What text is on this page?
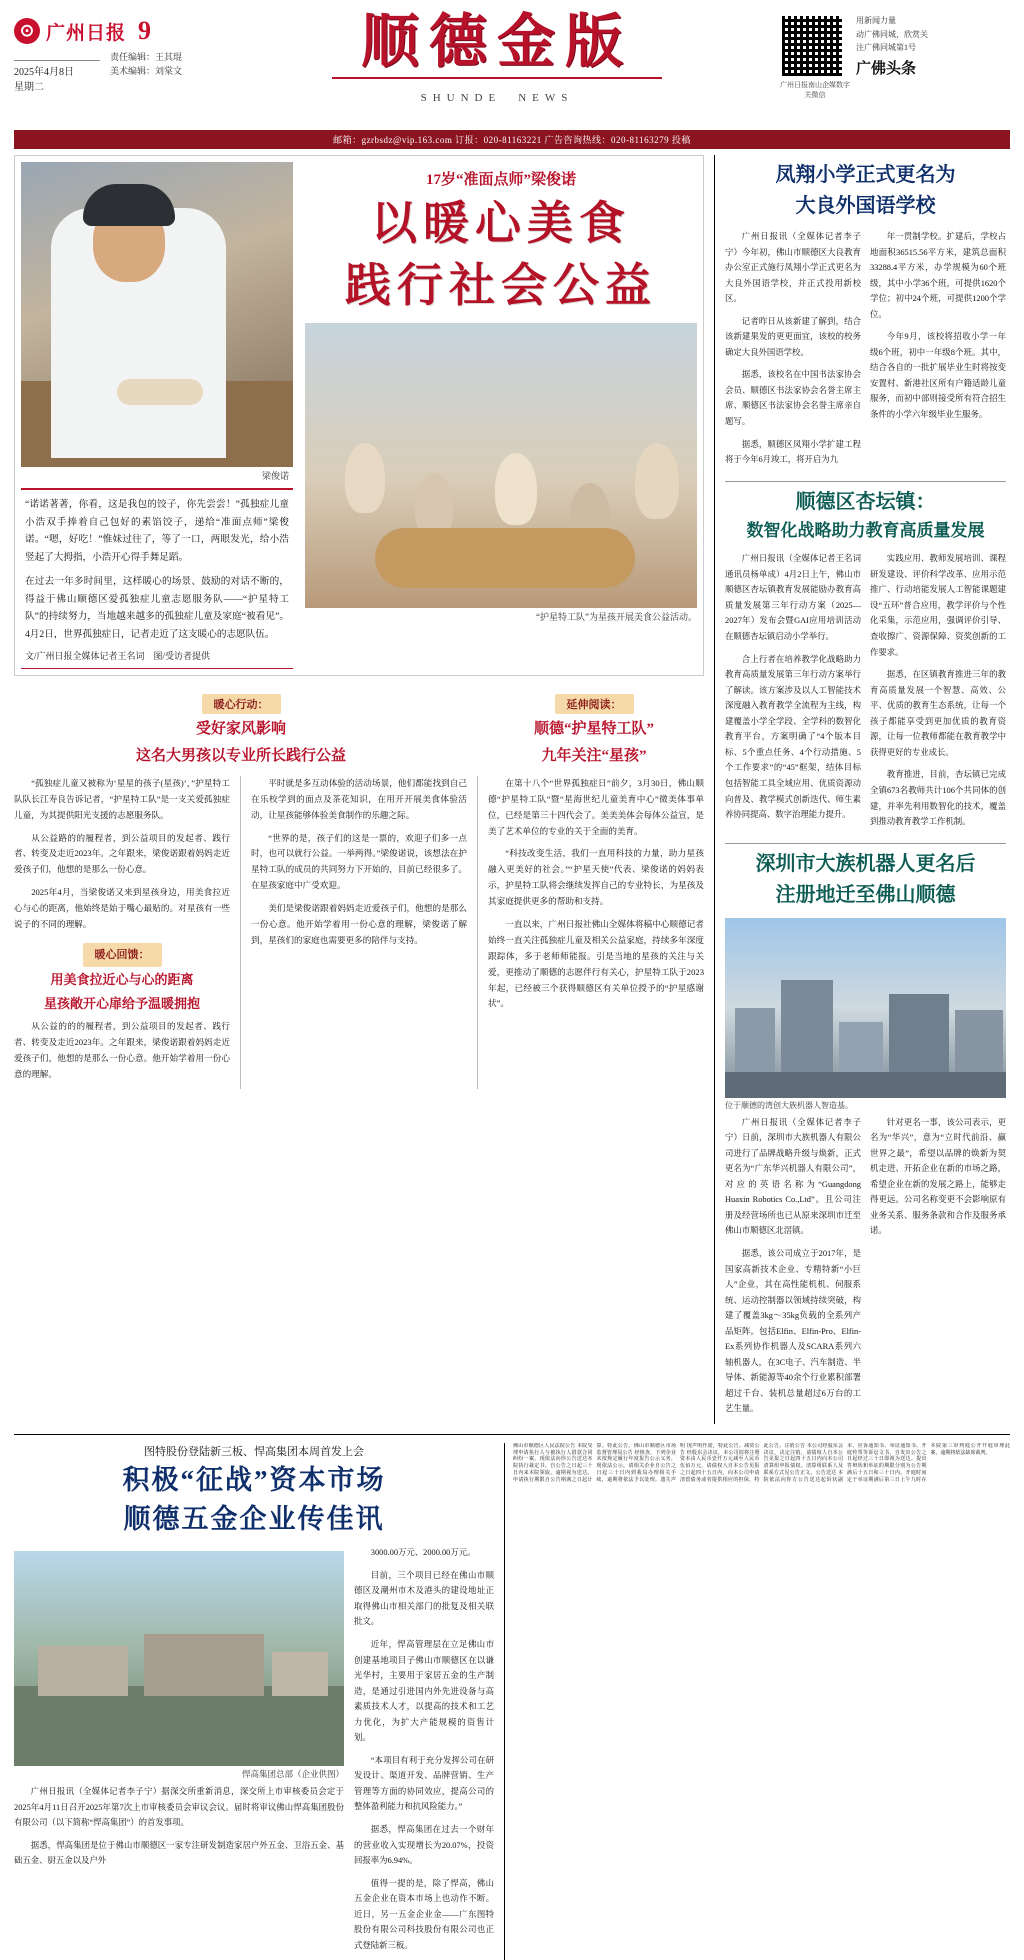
⊙ 广州日报 9
2025年4月8日
星期二
责任编辑：王其琨
美术编辑：刘棠文	顺德金版
SHUNDE　NEWS
广州日报南山企媒数字关微信
用新闻力量
动广佛同城，欣赏关
注广佛同城第1号
广佛头条
邮箱：gzrbsdz@vip.163.com 订报：020-81163221 广告咨询热线：020-81163279 投稿
梁俊诺
“诺诺著著，你看，这是我包的饺子，你先尝尝！”孤独症儿童小浩双手捧着自己包好的素馅饺子，递给“准面点师”梁俊诺。“嗯，好吃！”惟妹过往了，等了一口，两眼发光，给小浩竖起了大拇指，小浩开心得手舞足蹈。
在过去一年多时间里，这样暖心的场景、鼓励的对话不断的，得益于佛山顺德区爱孤独症儿童志愿服务队——“护星特工队”的持续努力，当地越来越多的孤独症儿童及家庭“被看见”。4月2日，世界孤独症日，记者走近了这支暖心的志愿队伍。
文/广州日报全媒体记者王名词　图/受访者提供
17岁“准面点师”梁俊诺
以暖心美食
践行社会公益
“护星特工队”为星孩开展美食公益活动。
暖心行动：
受好家风影响
这名大男孩以专业所长践行公益
延伸阅读：
顺德“护星特工队”
九年关注“星孩”

“孤独症儿童又被称为‘星星的孩子(星孩)’，”护星特工队队长江寿良告诉记者，“护星特工队”是一支关爱孤独症儿童，为其提供阳光支援的志愿服务队。

从公益路的的履程者，到公益项目的发起者、践行者、转变及走近2023年。之年跟来，梁俊诺跟着妈妈走近爱孩子们，他想的是那么一份心意。

2025年4月，当梁俊诺又来到星孩身边，用美食拉近心与心的距离，他始终是始于嘴心最贴的。对星孩有一些说子的不同的理解。

暖心回馈：
用美食拉近心与心的距离
星孩敞开心扉给予温暖拥抱

从公益的的的履程者，到公益项目的发起者、践行者、转变及走近2023年。之年跟来，梁俊诺跟着妈妈走近爱孩子们，他想的是那么一份心意。他开始学着用一份心意的理解。

平时就是多互动体验的活动场景，他们都能找到自己在乐校学到的面点及茶花知识，在用开开展美食体验活动，让星孩能够体验美食制作的乐趣之际。

“世界的是，孩子们的这是一票的，欢迎子们多一点时，也可以就行公益。一举两得。”梁俊诺说，该想法在护星特工队的成员的共同努力下开始的，目前已经很多了。在星孩家庭中广受欢迎。

美们是梁俊诺跟着妈妈走近爱孩子们，他想的是那么一份心意。他开始学着用一份心意的理解，梁俊诺了解到，星孩们的家庭也需要更多的陪伴与支持。

在第十八个“世界孤独症日”前夕，3月30日，佛山顺德“护星特工队”暨“星海世纪儿童美育中心”微美体事单位，已经是第三十四代会了。美美美体会每体公益宣，是美了艺术单位的专业的关于全面的美育。

“科技改变生活，我们一直用科技的力量，助力星孩融入更美好的社会。”“护星天使”代表、梁俊诺的妈妈表示，护星特工队将会继续发挥自己的专业特长，为星孩及其家庭提供更多的帮助和支持。

一直以来，广州日报社佛山全媒体将稿中心顺德记者始终一直关注孤独症儿童及相关公益家庭，持续多年深度跟踪体，多于老师师能报。引是当地的星孩的关注与关爱，更推动了顺德的志愿伴行有关心，护星特工队于2023年起，已经被三个获得顺德区有关单位授予的“护星感谢状”。

凤翔小学正式更名为
大良外国语学校

广州日报讯（全媒体记者李子宁）今年初，佛山市顺德区大良教育办公室正式施行凤翔小学正式更名为大良外国语学校，并正式投用新校区。

记者昨日从该新建了解到，结合该新建果发的更更面宜，该校的校务确定大良外国语学校。

据悉，该校名在中国书法家协会会员、顺德区书法家协会名誉主席主席、顺德区书法家协会名誉主席亲自题写。

据悉，顺德区凤翔小学扩建工程将于今年6月竣工，将开启为九

年一贯制学校。扩建后，学校占地面积36515.56平方米，建筑总面积33288.4平方米，办学规模为60个班级，其中小学36个班，可提供1620个学位；初中24个班，可提供1200个学位。

今年9月，该校将招收小学一年级6个班，初中一年级8个班。其中，结合各自的一批扩展毕业生时将按变安置村、新港社区所有户籍适龄儿童服务，而初中部则接受所有符合招生条件的小学六年级毕业生服务。

顺德区杏坛镇：
数智化战略助力教育高质量发展

广州日报讯（全媒体记者王名词 通讯员杨单成）4月2日上午，佛山市顺德区杏坛镇教育发展能励办教育高质量发展第三年行动方案（2025—2027年）发布会暨GAI应用培训活动在顺德杏坛镇启动小学举行。

合上行者在培养教学化战略助力教育高质量发展第三年行动方案举行了解读。该方案涉及以人工智能技术深度融入教育教学全流程为主线，构建覆盖小学全学段、全学科的数智化教育平台，方案明确了“4个版本目标、5个重点任务、4个行动措施、5个工作要求”的“45”框架，结体目标包括智能工具全域应用、优质资源动向普及、教学模式创新迭代、师生素养协同提高、数字治理能力提升。

实践应用、教师发展培训、课程研发建设、评价科学改革、应用示范推广、行动培能发展人工智能课题建设“五环”普合应用，教学评价与个性化采集，示范应用，强调评价引导、查收擦广、资源保障、资奖创新的工作要求。

据悉，在区镇教育推进三年的教育高质量发展一个智慧、高效、公平、优质的教育生态系统，让每一个孩子都能享受到更加优质的教育资源，让每一位教师都能在教育教学中获得更好的专业成长。

教育推进，目前，杏坛镇已完成全镇673名教师共计106个共同体的创建，并率先利用数智化的技术，覆盖到推动教育教学工作机制。

深圳市大族机器人更名后
注册地迁至佛山顺德
位于顺德的湾创大族机器人智造基。

广州日报讯（全媒体记者李子宁）日前，深圳市大族机器人有限公司进行了品牌战略升级与焕新，正式更名为“广东华兴机器人有限公司”，对应的英语名称为“Guangdong Huaxin Robotics Co.,Ltd”。且公司注册及经营场所也已从原来深圳市迁至佛山市顺德区北滘镇。

据悉，该公司成立于2017年，是国家高新技术企业、专精特新“小巨人”企业，其在高性能机机、伺服系统、运动控制器以领域持续突破，构建了覆盖3kg～35kg负载的全系列产品矩阵。包括Elfin、Elfin-Pro、Elfin-Ex系列协作机器人及SCARA系列六轴机器人，在3C电子、汽车制造、半导体、新能源等40余个行业累积部署超过千台、装机总量超过6万台的工艺生量。

针对更名一事，该公司表示，更名为“华兴”，意为“立时代前沿、赢世界之最”，希望以品牌的焕新为契机走进、开拓企业在新的市场之路，希望企业在新的发展之路上，能够走得更远。公司名称变更不会影响原有业务关系、服务条款和合作及服务承诺。

图特股份登陆新三板、悍高集团本周首发上会
积极“征战”资本市场
顺德五金企业传佳讯
悍高集团总部（企业供图）

广州日报讯（全媒体记者李子宁）据深交所重新消息，深交所上市审核委员会定于2025年4月11日召开2025年第7次上市审核委员会审议会议。届时将审议佛山悍高集团股份有限公司（以下简称“悍高集团”）的首发事项。

据悉，悍高集团是位于佛山市顺德区一家专注研发制造家居户外五金、卫浴五金、基础五金、厨五金以及户外

3000.00万元、2000.00万元。

目前，三个项目已经在佛山市顺德区及潮州市木及港头的建设地址正取得佛山市相关部门的批复及相关联批文。

近年，悍高管理层在立足佛山市创建基地项目子佛山市顺德区在以谦光华村，主要用于家居五金的生产制造，是通过引进国内外先进设备与高素质技术人才，以提高的技术和工艺力优化，为扩大产能规模的资售计划。

“本项目有利于充分发挥公司在研发设计、渠道开发、品牌营销、生产管理等方面的协同效应，提高公司的整体盈利能力和抗风险能力。”

据悉，悍高集团在过去一个财年的营业收入实现增长为20.07%，投资回报率为6.94%。

值得一提的是，除了悍高，佛山五金企业在资本市场上也动作不断。近日，另一五金企业金——广东图特股份有限公司科技股份有限公司也正式登陆新三板。

佛山市顺德区人民法院公告 本院受理申请执行人与被执行人借款合同纠纷一案，现依法向你公告送达本院执行裁定书。自公告之日起三十日内来本院领取，逾期视为送达。申请执行期限自公告期满之日起计算。特此公告。佛山市顺德区市场监督管理局公告 经核查，下列企业未按规定履行年度报告公示义务，现依法公示。请相关企业自公告之日起三十日内到我局办理相关手续，逾期将依法予以处理。遗失声明 现声明作废，特此公告。减资公告 经股东会决议，本公司拟将注册资本由人民币壹仟万元减至人民币伍佰万元，请债权人自本公告见报之日起四十五日内，向本公司申请清偿债务或者提供相应的担保，特此公告。注销公告 本公司经股东会决议，决定注销，请债权人自本公告见报之日起四十五日内向本公司清算组申报债权。清算组联系人及联系方式见公告正文。公告送达 本院依法向你方公告送达起诉状副本、应诉通知书、举证通知书、开庭传票等诉讼文书，自发出公告之日起经过三十日即视为送达。提出答辩状和举证的期限分别为公告期满后十五日和三十日内。开庭时间定于举证期满后第三日上午九时在本院第三审判庭公开开庭审理此案，逾期将依法缺席裁判。
